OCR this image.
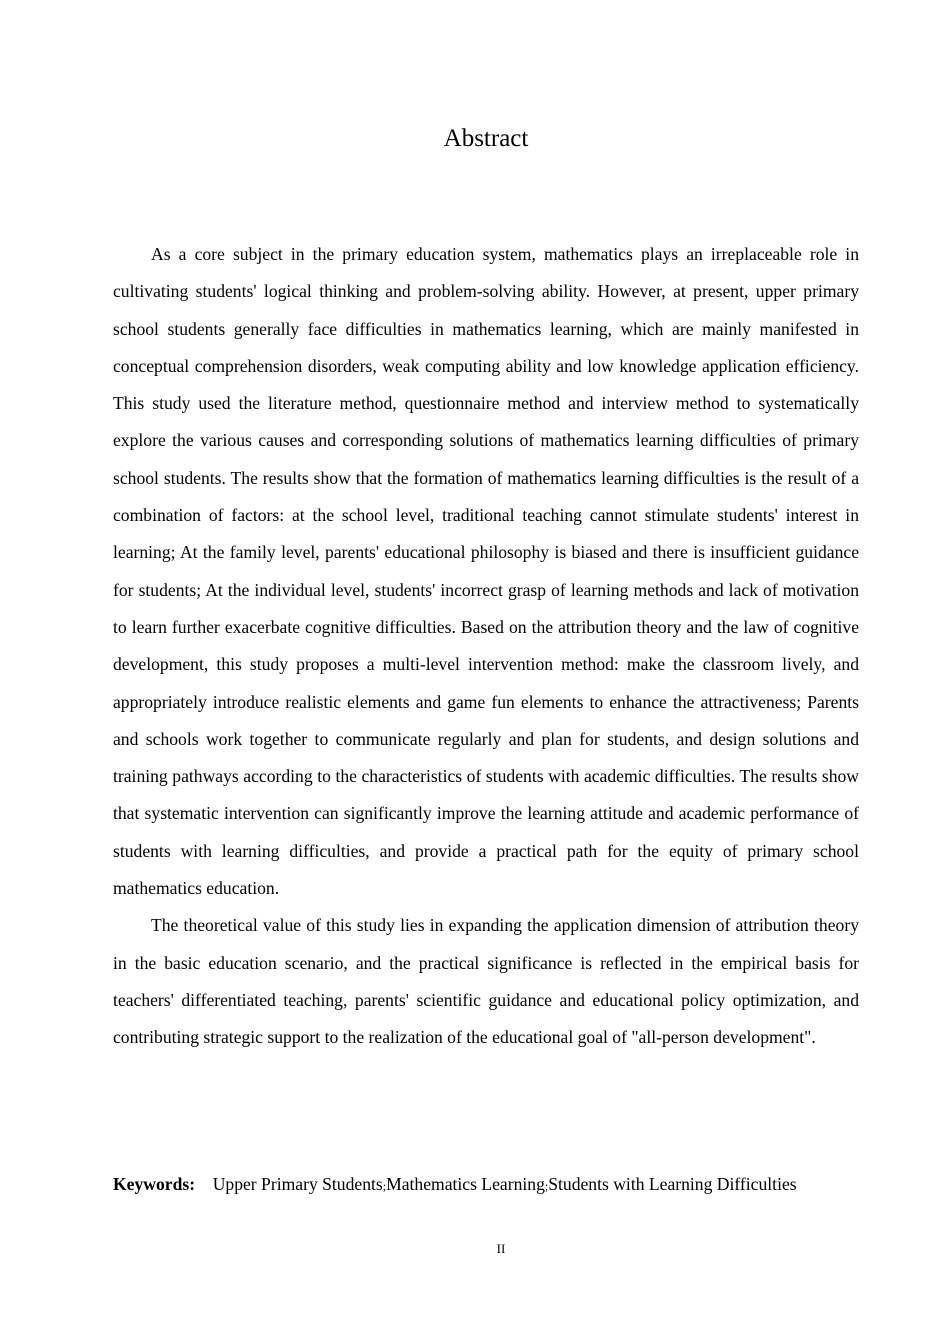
Abstract

As a core subject in the primary education system, mathematics plays an irreplaceable role in cultivating students' logical thinking and problem-solving ability. However, at present, upper primary school students generally face difficulties in mathematics learning, which are mainly manifested in conceptual comprehension disorders, weak computing ability and low knowledge application efficiency. This study used the literature method, questionnaire method and interview method to systematically explore the various causes and corresponding solutions of mathematics learning difficulties of primary school students. The results show that the formation of mathematics learning difficulties is the result of a combination of factors: at the school level, traditional teaching cannot stimulate students' interest in learning; At the family level, parents' educational philosophy is biased and there is insufficient guidance for students; At the individual level, students' incorrect grasp of learning methods and lack of motivation to learn further exacerbate cognitive difficulties. Based on the attribution theory and the law of cognitive development, this study proposes a multi-level intervention method: make the classroom lively, and appropriately introduce realistic elements and game fun elements to enhance the attractiveness; Parents and schools work together to communicate regularly and plan for students, and design solutions and training pathways according to the characteristics of students with academic difficulties. The results show that systematic intervention can significantly improve the learning attitude and academic performance of students with learning difficulties, and provide a practical path for the equity of primary school mathematics education.

The theoretical value of this study lies in expanding the application dimension of attribution theory in the basic education scenario, and the practical significance is reflected in the empirical basis for teachers' differentiated teaching, parents' scientific guidance and educational policy optimization, and contributing strategic support to the realization of the educational goal of "all-person development".

Keywords: Upper Primary Students;Mathematics Learning;Students with Learning Difficulties

II
